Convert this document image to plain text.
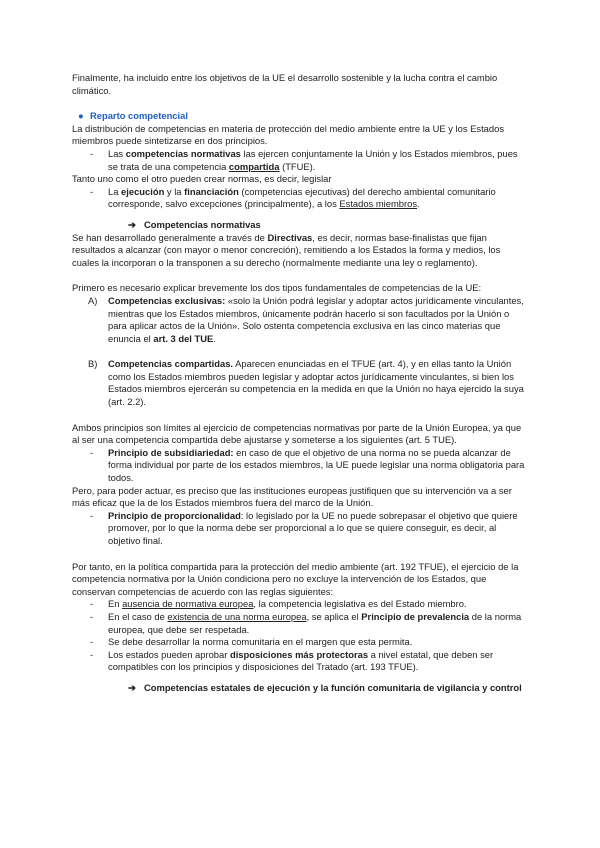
Finalmente, ha incluido entre los objetivos de la UE el desarrollo sostenible y la lucha contra el cambio climático.

● Reparto competencial

La distribución de competencias en materia de protección del medio ambiente entre la UE y los Estados miembros puede sintetizarse en dos principios.

- Las competencias normativas las ejercen conjuntamente la Unión y los Estados miembros, pues se trata de una competencia compartida (TFUE).

Tanto uno como el otro pueden crear normas, es decir, legislar

- La ejecución y la financiación (competencias ejecutivas) del derecho ambiental comunitario corresponde, salvo excepciones (principalmente), a los Estados miembros.

➔ Competencias normativas

Se han desarrollado generalmente a través de Directivas, es decir, normas base-finalistas que fijan resultados a alcanzar (con mayor o menor concreción), remitiendo a los Estados la forma y medios, los cuales la incorporan o la transponen a su derecho (normalmente mediante una ley o reglamento).

Primero es necesario explicar brevemente los dos tipos fundamentales de competencias de la UE:

A) Competencias exclusivas: «solo la Unión podrá legislar y adoptar actos jurídicamente vinculantes, mientras que los Estados miembros, únicamente podrán hacerlo si son facultados por la Unión o para aplicar actos de la Unión». Solo ostenta competencia exclusiva en las cinco materias que enuncia el art. 3 del TUE.

B) Competencias compartidas. Aparecen enunciadas en el TFUE (art. 4), y en ellas tanto la Unión como los Estados miembros pueden legislar y adoptar actos jurídicamente vinculantes, si bien los Estados miembros ejercerán su competencia en la medida en que la Unión no haya ejercido la suya (art. 2.2).

Ambos principios son límites al ejercicio de competencias normativas por parte de la Unión Europea, ya que al ser una competencia compartida debe ajustarse y someterse a los siguientes (art. 5 TUE).

- Principio de subsidiariedad: en caso de que el objetivo de una norma no se pueda alcanzar de forma individual por parte de los estados miembros, la UE puede legislar una norma obligatoria para todos.

Pero, para poder actuar, es preciso que las instituciones europeas justifiquen que su intervención va a ser más eficaz que la de los Estados miembros fuera del marco de la Unión.

- Principio de proporcionalidad: lo legislado por la UE no puede sobrepasar el objetivo que quiere promover, por lo que la norma debe ser proporcional a lo que se quiere conseguir, es decir, al objetivo final.

Por tanto, en la política compartida para la protección del medio ambiente (art. 192 TFUE), el ejercicio de la competencia normativa por la Unión condiciona pero no excluye la intervención de los Estados, que conservan competencias de acuerdo con las reglas siguientes:

- En ausencia de normativa europea, la competencia legislativa es del Estado miembro.

- En el caso de existencia de una norma europea, se aplica el Principio de prevalencia de la norma europea, que debe ser respetada.

- Se debe desarrollar la norma comunitaria en el margen que esta permita.

- Los estados pueden aprobar disposiciones más protectoras a nivel estatal, que deben ser compatibles con los principios y disposiciones del Tratado (art. 193 TFUE).

➔ Competencias estatales de ejecución y la función comunitaria de vigilancia y control
